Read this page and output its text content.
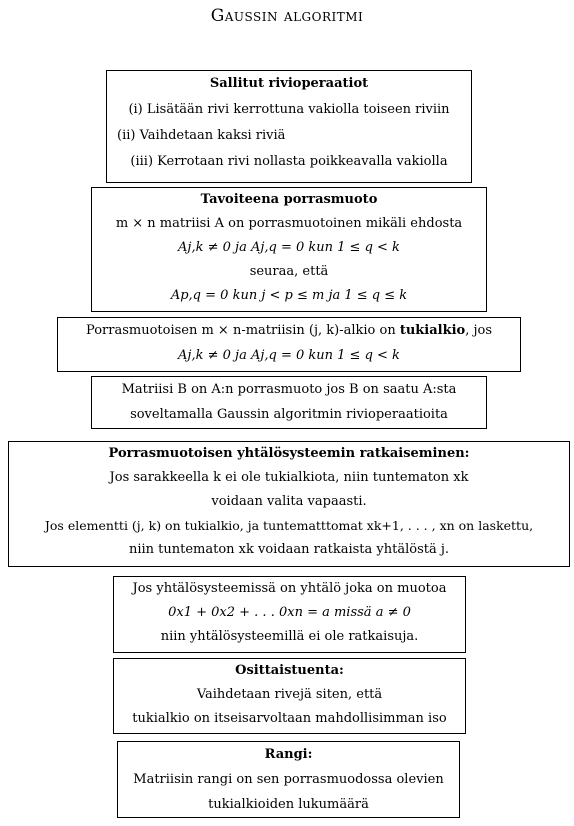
Gaussin algoritmi
Sallitut rivioperaatiot
(i) Lisätään rivi kerrottuna vakiolla toiseen riviin
(ii) Vaihdetaan kaksi riviä
(iii) Kerrotaan rivi nollasta poikkeavalla vakiolla
Tavoiteena porrasmuoto
m × n matriisi A on porrasmuotoinen mikäli ehdosta
Aj,k ≠ 0 ja Aj,q = 0 kun 1 ≤ q < k
seuraa, että
Ap,q = 0 kun j < p ≤ m ja 1 ≤ q ≤ k
Porrasmuotoisen m × n-matriisin (j, k)-alkio on tukialkio, jos
Aj,k ≠ 0 ja Aj,q = 0 kun 1 ≤ q < k
Matriisi B on A:n porrasmuoto jos B on saatu A:sta
soveltamalla Gaussin algoritmin rivioperaatioita
Porrasmuotoisen yhtälösysteemin ratkaiseminen:
Jos sarakkeella k ei ole tukialkiota, niin tuntematon xk
voidaan valita vapaasti.
Jos elementti (j, k) on tukialkio, ja tuntematttomat xk+1, . . . , xn on laskettu,
niin tuntematon xk voidaan ratkaista yhtälöstä j.
Jos yhtälösysteemissä on yhtälö joka on muotoa
0x1 + 0x2 + . . . 0xn = a missä a ≠ 0
niin yhtälösysteemillä ei ole ratkaisuja.
Osittaistuenta:
Vaihdetaan rivejä siten, että
tukialkio on itseisarvoltaan mahdollisimman iso
Rangi:
Matriisin rangi on sen porrasmuodossa olevien
tukialkioiden lukumäärä
